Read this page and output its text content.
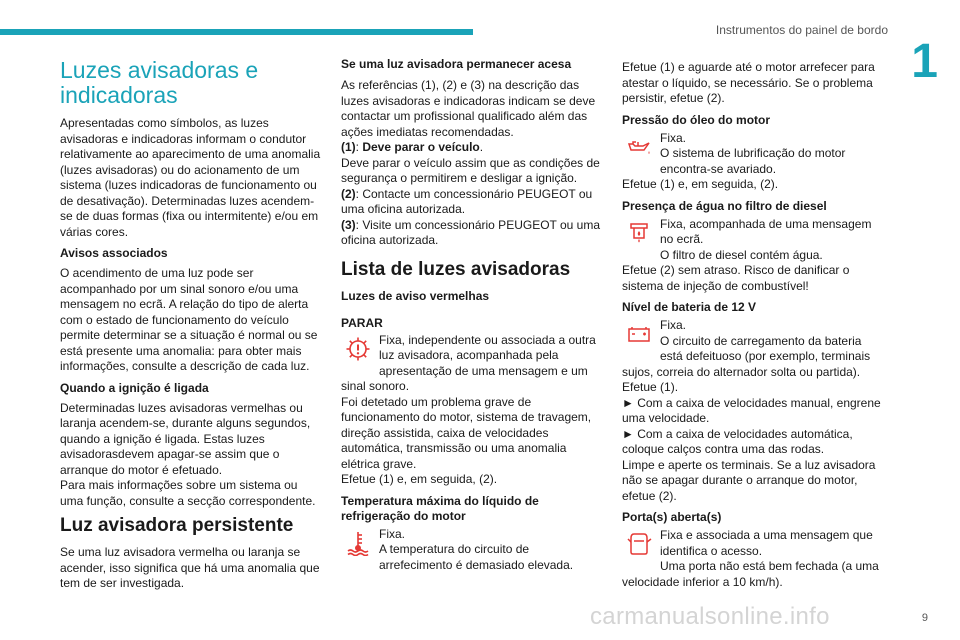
Instrumentos do painel de bordo
1
Luzes avisadoras e indicadoras

Apresentadas como símbolos, as luzes avisadoras e indicadoras informam o condutor relativamente ao aparecimento de uma anomalia (luzes avisadoras) ou do acionamento de um sistema (luzes indicadoras de funcionamento ou de desativação). Determinadas luzes acendem-se de duas formas (fixa ou intermitente) e/ou em várias cores.

Avisos associados

O acendimento de uma luz pode ser acompanhado por um sinal sonoro e/ou uma mensagem no ecrã. A relação do tipo de alerta com o estado de funcionamento do veículo permite determinar se a situação é normal ou se está presente uma anomalia: para obter mais informações, consulte a descrição de cada luz.

Quando a ignição é ligada

Determinadas luzes avisadoras vermelhas ou laranja acendem-se, durante alguns segundos, quando a ignição é ligada. Estas luzes avisadorasdevem apagar-se assim que o arranque do motor é efetuado.

Para mais informações sobre um sistema ou uma função, consulte a secção correspondente.

Luz avisadora persistente

Se uma luz avisadora vermelha ou laranja se acender, isso significa que há uma anomalia que tem de ser investigada.

Se uma luz avisadora permanecer acesa

As referências (1), (2) e (3) na descrição das luzes avisadoras e indicadoras indicam se deve contactar um profissional qualificado além das ações imediatas recomendadas.

(1): Deve parar o veículo.

Deve parar o veículo assim que as condições de segurança o permitirem e desligar a ignição.

(2): Contacte um concessionário PEUGEOT ou uma oficina autorizada.

(3): Visite um concessionário PEUGEOT ou uma oficina autorizada.

Lista de luzes avisadoras
Luzes de aviso vermelhas
PARAR

Fixa, independente ou associada a outra luz avisadora, acompanhada pela apresentação de uma mensagem e um sinal sonoro.

Foi detetado um problema grave de funcionamento do motor, sistema de travagem, direção assistida, caixa de velocidades automática, transmissão ou uma anomalia elétrica grave.

Efetue (1) e, em seguida, (2).

Temperatura máxima do líquido de refrigeração do motor

Fixa.

A temperatura do circuito de arrefecimento é demasiado elevada.

Efetue (1) e aguarde até o motor arrefecer para atestar o líquido, se necessário. Se o problema persistir, efetue (2).

Pressão do óleo do motor

Fixa.

O sistema de lubrificação do motor encontra-se avariado.

Efetue (1) e, em seguida, (2).

Presença de água no filtro de diesel

Fixa, acompanhada de uma mensagem no ecrã.

O filtro de diesel contém água.

Efetue (2) sem atraso. Risco de danificar o sistema de injeção de combustível!

Nível de bateria de 12 V

Fixa.

O circuito de carregamento da bateria está defeituoso (por exemplo, terminais sujos, correia do alternador solta ou partida).

Efetue (1).

► Com a caixa de velocidades manual, engrene uma velocidade.

► Com a caixa de velocidades automática, coloque calços contra uma das rodas.

Limpe e aperte os terminais. Se a luz avisadora não se apagar durante o arranque do motor, efetue (2).

Porta(s) aberta(s)

Fixa e associada a uma mensagem que identifica o acesso.

Uma porta não está bem fechada (a uma velocidade inferior a 10 km/h).

carmanualsonline.info	9
